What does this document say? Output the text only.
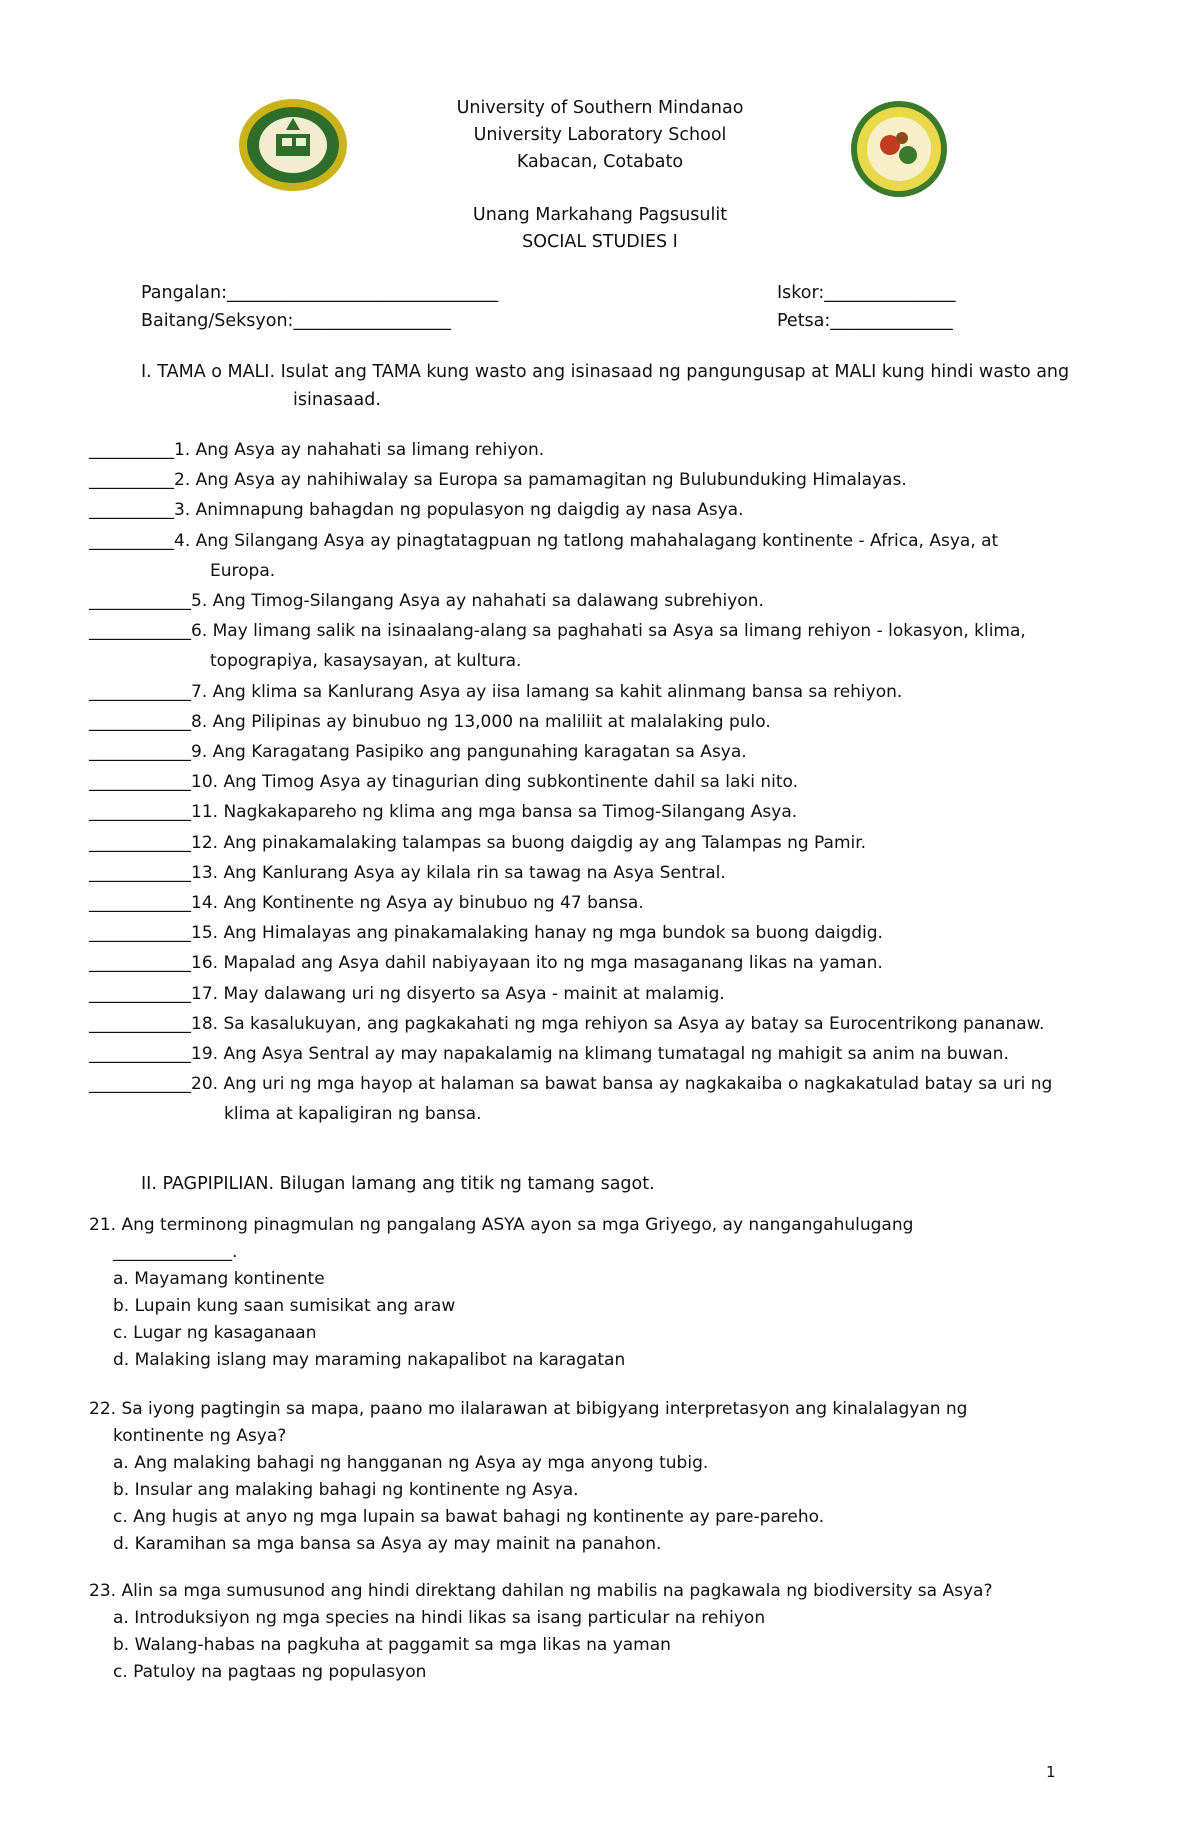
University of Southern Mindanao
University Laboratory School
Kabacan, Cotabato
Unang Markahang Pagsusulit
SOCIAL STUDIES I
Pangalan:_______________________________	Iskor:_______________
Baitang/Seksyon:__________________	Petsa:______________
I. TAMA o MALI. Isulat ang TAMA kung wasto ang isinasaad ng pangungusap at MALI kung hindi wasto ang
isinasaad.
__________1. Ang Asya ay nahahati sa limang rehiyon.
__________2. Ang Asya ay nahihiwalay sa Europa sa pamamagitan ng Bulubunduking Himalayas.
__________3. Animnapung bahagdan ng populasyon ng daigdig ay nasa Asya.
__________4. Ang Silangang Asya ay pinagtatagpuan ng tatlong mahahalagang kontinente - Africa, Asya, at
Europa.
____________5. Ang Timog-Silangang Asya ay nahahati sa dalawang subrehiyon.
____________6. May limang salik na isinaalang-alang sa paghahati sa Asya sa limang rehiyon - lokasyon, klima,
topograpiya, kasaysayan, at kultura.
____________7. Ang klima sa Kanlurang Asya ay iisa lamang sa kahit alinmang bansa sa rehiyon.
____________8. Ang Pilipinas ay binubuo ng 13,000 na maliliit at malalaking pulo.
____________9. Ang Karagatang Pasipiko ang pangunahing karagatan sa Asya.
____________10. Ang Timog Asya ay tinagurian ding subkontinente dahil sa laki nito.
____________11. Nagkakapareho ng klima ang mga bansa sa Timog-Silangang Asya.
____________12. Ang pinakamalaking talampas sa buong daigdig ay ang Talampas ng Pamir.
____________13. Ang Kanlurang Asya ay kilala rin sa tawag na Asya Sentral.
____________14. Ang Kontinente ng Asya ay binubuo ng 47 bansa.
____________15. Ang Himalayas ang pinakamalaking hanay ng mga bundok sa buong daigdig.
____________16. Mapalad ang Asya dahil nabiyayaan ito ng mga masaganang likas na yaman.
____________17. May dalawang uri ng disyerto sa Asya - mainit at malamig.
____________18. Sa kasalukuyan, ang pagkakahati ng mga rehiyon sa Asya ay batay sa Eurocentrikong pananaw.
____________19. Ang Asya Sentral ay may napakalamig na klimang tumatagal ng mahigit sa anim na buwan.
____________20. Ang uri ng mga hayop at halaman sa bawat bansa ay nagkakaiba o nagkakatulad batay sa uri ng
klima at kapaligiran ng bansa.
II. PAGPIPILIAN. Bilugan lamang ang titik ng tamang sagot.
21. Ang terminong pinagmulan ng pangalang ASYA ayon sa mga Griyego, ay nangangahulugang
______________.
a. Mayamang kontinente
b. Lupain kung saan sumisikat ang araw
c. Lugar ng kasaganaan
d. Malaking islang may maraming nakapalibot na karagatan
22. Sa iyong pagtingin sa mapa, paano mo ilalarawan at bibigyang interpretasyon ang kinalalagyan ng
kontinente ng Asya?
a. Ang malaking bahagi ng hangganan ng Asya ay mga anyong tubig.
b. Insular ang malaking bahagi ng kontinente ng Asya.
c. Ang hugis at anyo ng mga lupain sa bawat bahagi ng kontinente ay pare-pareho.
d. Karamihan sa mga bansa sa Asya ay may mainit na panahon.
23. Alin sa mga sumusunod ang hindi direktang dahilan ng mabilis na pagkawala ng biodiversity sa Asya?
a. Introduksiyon ng mga species na hindi likas sa isang particular na rehiyon
b. Walang-habas na pagkuha at paggamit sa mga likas na yaman
c. Patuloy na pagtaas ng populasyon
1
